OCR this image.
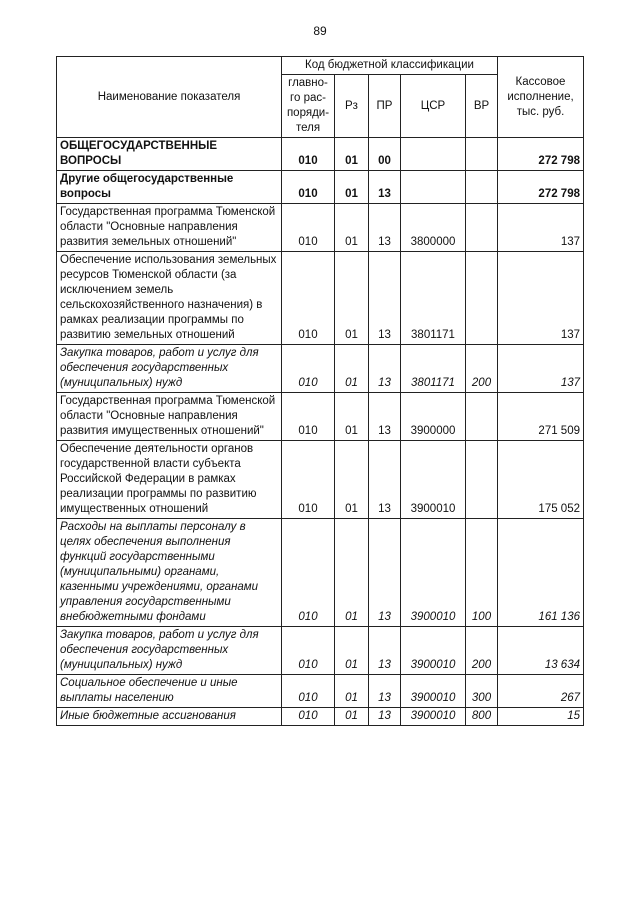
89
Наименование показателя	Код бюджетной классификации					Кассовое исполнение, тыс. руб.
	главно-го рас-поряди-теля	Рз	ПР	ЦСР	ВР	
ОБЩЕГОСУДАРСТВЕННЫЕ ВОПРОСЫ	010	01	00			272 798
Другие общегосударственные вопросы	010	01	13			272 798
Государственная программа Тюменской области "Основные направления развития земельных отношений"	010	01	13	3800000		137
Обеспечение использования земельных ресурсов Тюменской области (за исключением земель сельскохозяйственного назначения) в рамках реализации программы по развитию земельных отношений	010	01	13	3801171		137
Закупка товаров, работ и услуг для обеспечения государственных (муниципальных) нужд	010	01	13	3801171	200	137
Государственная программа Тюменской области "Основные направления развития имущественных отношений"	010	01	13	3900000		271 509
Обеспечение деятельности органов государственной власти субъекта Российской Федерации в рамках реализации программы по развитию имущественных отношений	010	01	13	3900010		175 052
Расходы на выплаты персоналу в целях обеспечения выполнения функций государственными (муниципальными) органами, казенными учреждениями, органами управления государственными внебюджетными фондами	010	01	13	3900010	100	161 136
Закупка товаров, работ и услуг для обеспечения государственных (муниципальных) нужд	010	01	13	3900010	200	13 634
Социальное обеспечение и иные выплаты населению	010	01	13	3900010	300	267
Иные бюджетные ассигнования	010	01	13	3900010	800	15
